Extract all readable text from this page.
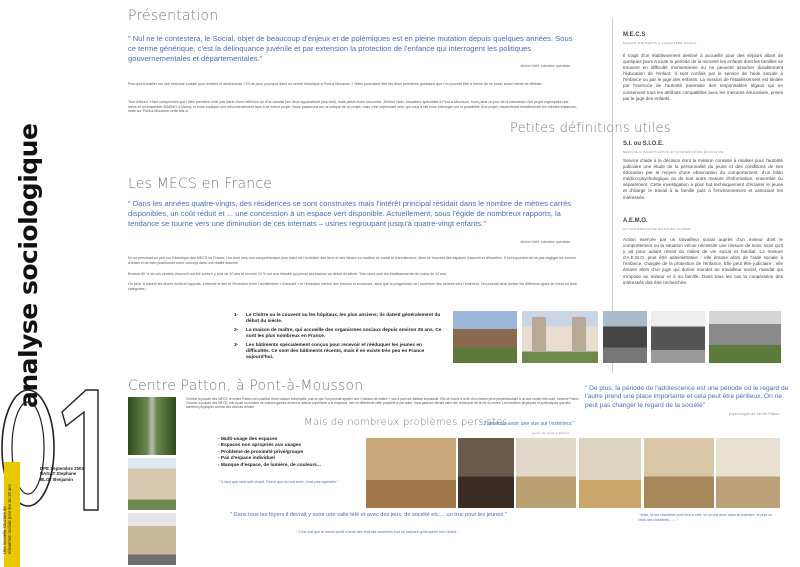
analyse sociologique
Une nouvelle structure de réinsertion sociale pour les 15-18 ans
DPE Septembre 2003
BAGAT Stephane
BLOT Benjamin
Présentation
" Nul ne le contestera, le Social, objet de beaucoup d'enjeux et de polémiques est en pleine mutation depuis quelques années. Sous ce terme générique, c'est la délinquance juvénile et par extension la protection de l'enfance qui interrogent les politiques gouvernementales et départementales."
Jérôme NAIN, éducateur spécialisé
Pourquoi travailler sur une structure sociale pour enfants et adolescents ? Et de plus, pourquoi dans un centre historique à Pont-à-Mousson ? Telles pourraient être les deux premières questions que l'on pourrait être à même de se poser avant même de débuter.
Tout d'abord, il faut comprendre que l'idée première n'est pas issue d'une réflexion ou d'un constat (les deux apparaîtront plus tard), mais plutôt d'une rencontre. Jérôme Nain, éducateur spécialisé à Pont-à-Mousson, nous parle un jour de la naissance d'un projet regroupant une mecs et un ensemble SIAEMO à Nancy, et nous explique son mécontentement face à ce même projet. Nous passerons sur la critique de ce projet, mais c'est cependant cela, qui nous a fait nous interroger sur la possibilité d'un projet, rassemblant sensiblement les mêmes instances, mais sur Pont-à-Mousson cette fois-ci.
Petites définitions utiles
M.E.C.S
MAISON D'ENFANTS À CARACTÈRE SOCIAL
Il s'agit d'un établissement destiné à accueillir pour des séjours allant de quelques jours à toute la période de la minorité les enfants dont les familles se trouvent en difficulté momentanée ou ne peuvent assumer durablement l'éducation de l'enfant. Il sont confiés par le service de l'aide sociale à l'enfance ou par le juge des enfants. La mission de l'établissement est limitée par l'exercice de l'autorité parentale des responsables légaux qui en conservent tous les attributs compatibles avec les mesures éducatives, prises par le juge des enfants.
S.I. ou S.I.O.E.
SERVICE D'INVESTIGATION ET D'ORIENTATION ÉDUCATIVE
Service d'aide à la décision dont la mission consiste à réaliser pour l'autorité judiciaire une étude de la personnalité du jeune et des conditions de son éducation par le moyen d'une observation du comportement, d'un bilan médico-psychologique ou de tout autre mesure d'information, ensemble ou séparément. Cette investigation a pour but techniquement d'éclairer le jeune et d'élargir le travail à la famille puis à l'environnement et associant les intéressés.
A.E.M.O.
ACTION ÉDUCATIVE EN MILIEU OUVERT
Action exercée par un travailleur social auprès d'un mineur dont le comportement ou la situation vécue nécessite une mesure de suivi, sans qu'il y ait pour autant retrait du milieu de vie social et familial. La mesure d'A.E.M.O. peut être administrative : elle émane alors de l'aide sociale à l'enfance, chargée de la protection de l'enfance. Elle peut être judiciaire : elle émane alors d'un juge qui donne mandat au travailleur social, mandat qui s'impose au mineur et à sa famille. Dans tous les cas la coopération des intéressés doit être recherchée.
Les MECS en France
" Dans les années quatre-vingts, des résidences se sont construites mais l'intérêt principal résidait dans le nombre de mètres carrés disponibles, un coût réduit et ... une concession à un espace vert disponible. Actuellement, sous l'égide de nombreux rapports, la tendance se tourne vers une diminution de ces internats – usines regroupant jusqu'à quatre-vingt enfants."
Jérôme NAIN, éducateur spécialisé
En se penchant un peu sur l'historique des MECS en France, l'on tend vers une compréhension plus claire de l'évolution des lieux et des idéaux en matière de social et d'architecture. Ainsi se trouvent des espaces d'accueil et d'insertion. Il est important de ne pas négliger les erreurs d'antan et de bien positionner notre concept dans une réalité actuelle.
Environ 60 % de ces centres d'accueil ont été créés il y plus de 40 ans et environ 15 % ont une histoire qui prend ses racines au début du siècle. Très rares sont les établissements de moins de 10 ans.
On peut, à travers les divers écrits et rapports, entrevoir le lien et l'évolution entre l'architecture « d'accueil » et l'évolution interne des moeurs et coutumes, ainsi que la progression de l'ouverture des centres vers l'extérieur. On pourrait ainsi diviser les différents types de mecs en trois catégories :
1-	Le Cloître ou le couvent ou les hôpitaux, les plus anciens; ils datent généralement du début du siècle.
2-	La maison de maître, qui accueille des organismes sociaux depuis environ 25 ans. Ce sont les plus nombreux en France.
3-	Les bâtiments spécialement conçus pour recevoir et rééduquer les jeunes en difficultés. Ce sont des bâtiments récents, mais il en existe très peu en France aujourd'hui.
Centre Patton, à Pont-à-Mousson
Comme la plupart des MECS, le centre Patton est constitué d'une maison individuelle, pas ce que l'on pourrait appeler une « maison de maître », mis à part une bâtisse imposante. Elle se trouve à la fin d'un chemin privé perpendiculaire à un axe routier très usité, l'avenue Patton. Comme la plupart des MECS, mis à part un nombre de voitures garées devant la maison supérieure à la moyenne, rien ne différencie cette propriété d'une autre, nous passons devant sans rien remarquer de la vie du centre. Les barrières physiques et symboliques que des barrières physiques comme des clôtures fermée.
Mais de nombreux problèmes persistes
" J'aimerais avoir une vue sur l'extérieur."
jeune du Centre Patton
- Multi-usage des espaces
- Espaces non apropriés aux usages
- Probleme de proximité privé/groupe
- Pas d'espace individuel
- Manque d'espace, de lumière, de couleurs...
" Il faut que cela soit vivant. Parce que là tout mort, c'est pas agréable."
" Dans tous les foyers il devrait y avoir une salle télé et avec des jeux, de société etc.... un truc pour les jeunes."
" C'est vrai que le mieux serait d'avoir des endroits communs tout en sachant qu'ils soient bien isolés."
" De plus, la période de l'adolescence est une période où le regard de l'autre prend une place importante et cela peut être périlleux. On ne peut pas changer le regard de la société"
psychologue du centre Patton
" Voilà, ici les chambres sont tout à côté, où on est deux dans la chambre, et puis vu l'état des chambres........"
